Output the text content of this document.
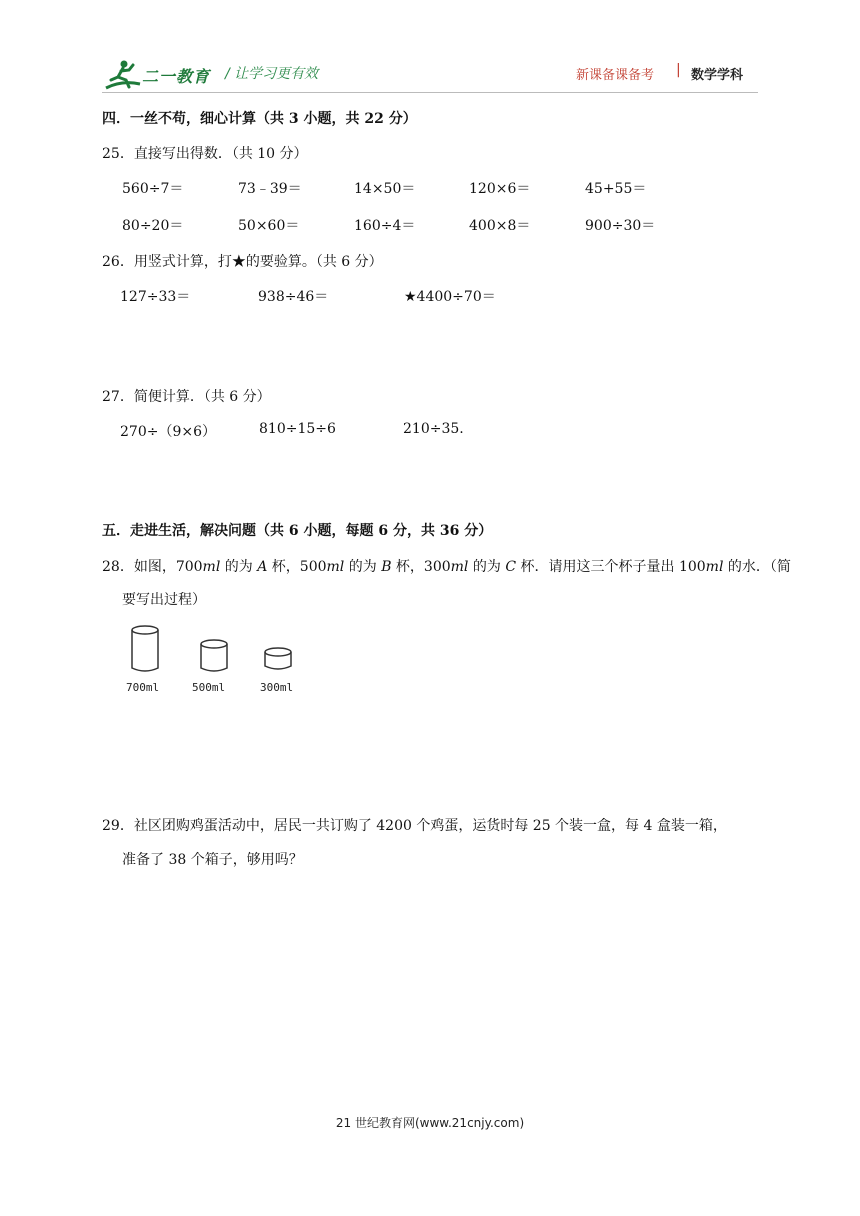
二一教育 / 让学习更有效	新课备课备考 | 数学学科
四．一丝不苟，细心计算（共 3 小题，共 22 分）
25．直接写出得数．（共 10 分）
560÷7＝	73﹣39＝	14×50＝	120×6＝	45+55＝
80÷20＝	50×60＝	160÷4＝	400×8＝	900÷30＝
26．用竖式计算，打★的要验算。（共 6 分）
127÷33＝	938÷46＝	★4400÷70＝
27．简便计算．（共 6 分）
270÷（9×6）	810÷15÷6	210÷35.
五．走进生活，解决问题（共 6 小题，每题 6 分，共 36 分）
28．如图，700ml 的为 A 杯，500ml 的为 B 杯，300ml 的为 C 杯．请用这三个杯子量出 100ml 的水．（简
要写出过程）
700ml	500ml	300ml
29．社区团购鸡蛋活动中，居民一共订购了 4200 个鸡蛋，运货时每 25 个装一盒，每 4 盒装一箱，
准备了 38 个箱子，够用吗？
21 世纪教育网(www.21cnjy.com)
